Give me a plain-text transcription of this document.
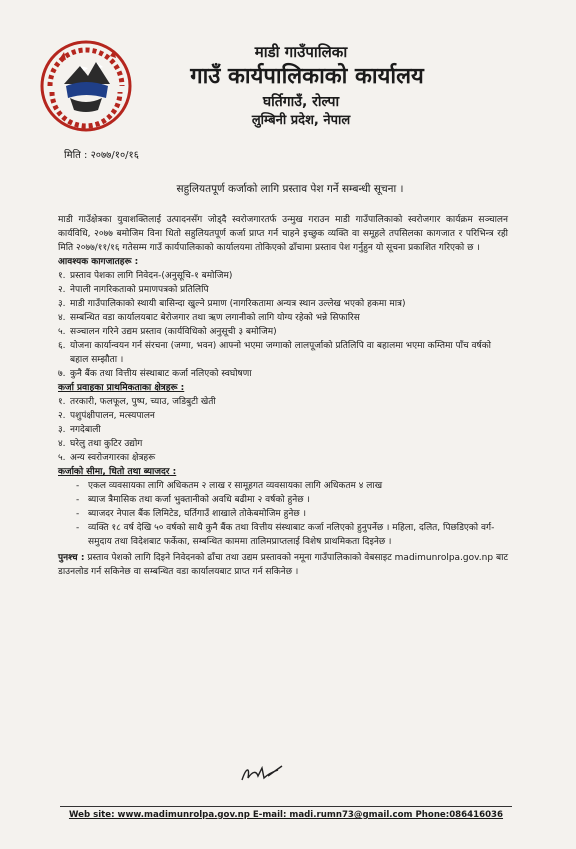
माडी गाउँपालिका
गाउँ कार्यपालिकाको कार्यालय
घर्तिगाउँ, रोल्पा
लुम्बिनी प्रदेश, नेपाल
मिति : २०७७/१०/१६
सहुलियतपूर्ण कर्जाको लागि प्रस्ताव पेश गर्ने सम्बन्धी सूचना ।

माडी गाउँक्षेत्रका युवाशक्तिलाई उत्पादनसँग जोड्दै स्वरोजगारतर्फ उन्मुख गराउन माडी गाउँपालिकाको स्वरोजगार कार्यक्रम सञ्चालन कार्यविधि, २०७७ बमोजिम विना धितो सहुलियतपूर्ण कर्जा प्राप्त गर्न चाहने इच्छुक व्यक्ति वा समूहले तपसिलका कागजात र परिभिन्त्र रही मिति २०७७/११/१६ गतेसम्म गाउँ कार्यपालिकाको कार्यालयमा तोकिएको ढाँचामा प्रस्ताव पेश गर्नुहुन यो सूचना प्रकाशित गरिएको छ ।

आवश्यक कागजातहरू :

१. प्रस्ताव पेशका लागि निवेदन-(अनुसूचि-१ बमोजिम)
२. नेपाली नागरिकताको प्रमाणपत्रको प्रतिलिपि
३. माडी गाउँपालिकाको स्थायी बासिन्दा खुल्ने प्रमाण (नागरिकतामा अन्यत्र स्थान उल्लेख भएको हकमा मात्र)
४. सम्बन्धित वडा कार्यालयबाट बेरोजगार तथा ऋण लगानीको लागि योग्य रहेको भन्ने सिफारिस
५. सञ्चालन गरिने उद्यम प्रस्ताव (कार्यविधिको अनुसूची ३ बमोजिम)
६. योजना कार्यान्वयन गर्न संरचना (जग्गा, भवन) आफ्नो भएमा जग्गाको लालपूर्जाको प्रतिलिपि वा बहालमा भएमा कम्तिमा पाँच वर्षको बहाल सम्झौता ।
७. कुनै बैंक तथा वित्तीय संस्थाबाट कर्जा नलिएको स्वघोषणा

कर्जा प्रवाहका प्राथमिकताका क्षेत्रहरू :

१. तरकारी, फलफूल, पुष्प, च्याउ, जडिबुटी खेती
२. पशुपंक्षीपालन, मत्स्यपालन
३. नगदेबाली
४. घरेलु तथा कुटिर उद्योग
५. अन्य स्वरोजगारका क्षेत्रहरू

कर्जाको सीमा, धितो तथा ब्याजदर :

- एकल व्यवसायका लागि अधिकतम २ लाख र सामूहगत व्यवसायका लागि अधिकतम ४ लाख
- ब्याज त्रैमासिक तथा कर्जा भुक्तानीको अवधि बढीमा २ वर्षको हुनेछ ।
- ब्याजदर नेपाल बैंक लिमिटेड, घर्तिगाउँ शाखाले तोकेबमोजिम हुनेछ ।
- व्यक्ति १८ वर्ष देखि ५० वर्षको साथै कुनै बैंक तथा वित्तीय संस्थाबाट कर्जा नलिएको हुनुपर्नेछ । महिला, दलित, पिछडिएको वर्ग-समुदाय तथा विदेशबाट फर्केका, सम्बन्धित काममा तालिमप्राप्तलाई विशेष प्राथमिकता दिइनेछ ।

पुनश्च : प्रस्ताव पेशको लागि दिइने निवेदनको ढाँचा तथा उद्यम प्रस्तावको नमूना गाउँपालिकाको वेबसाइट madimunrolpa.gov.np बाट डाउनलोड गर्न सकिनेछ वा सम्बन्धित वडा कार्यालयबाट प्राप्त गर्न सकिनेछ ।

Web site: www.madimunrolpa.gov.np E-mail: madi.rumn73@gmail.com Phone:086416036
